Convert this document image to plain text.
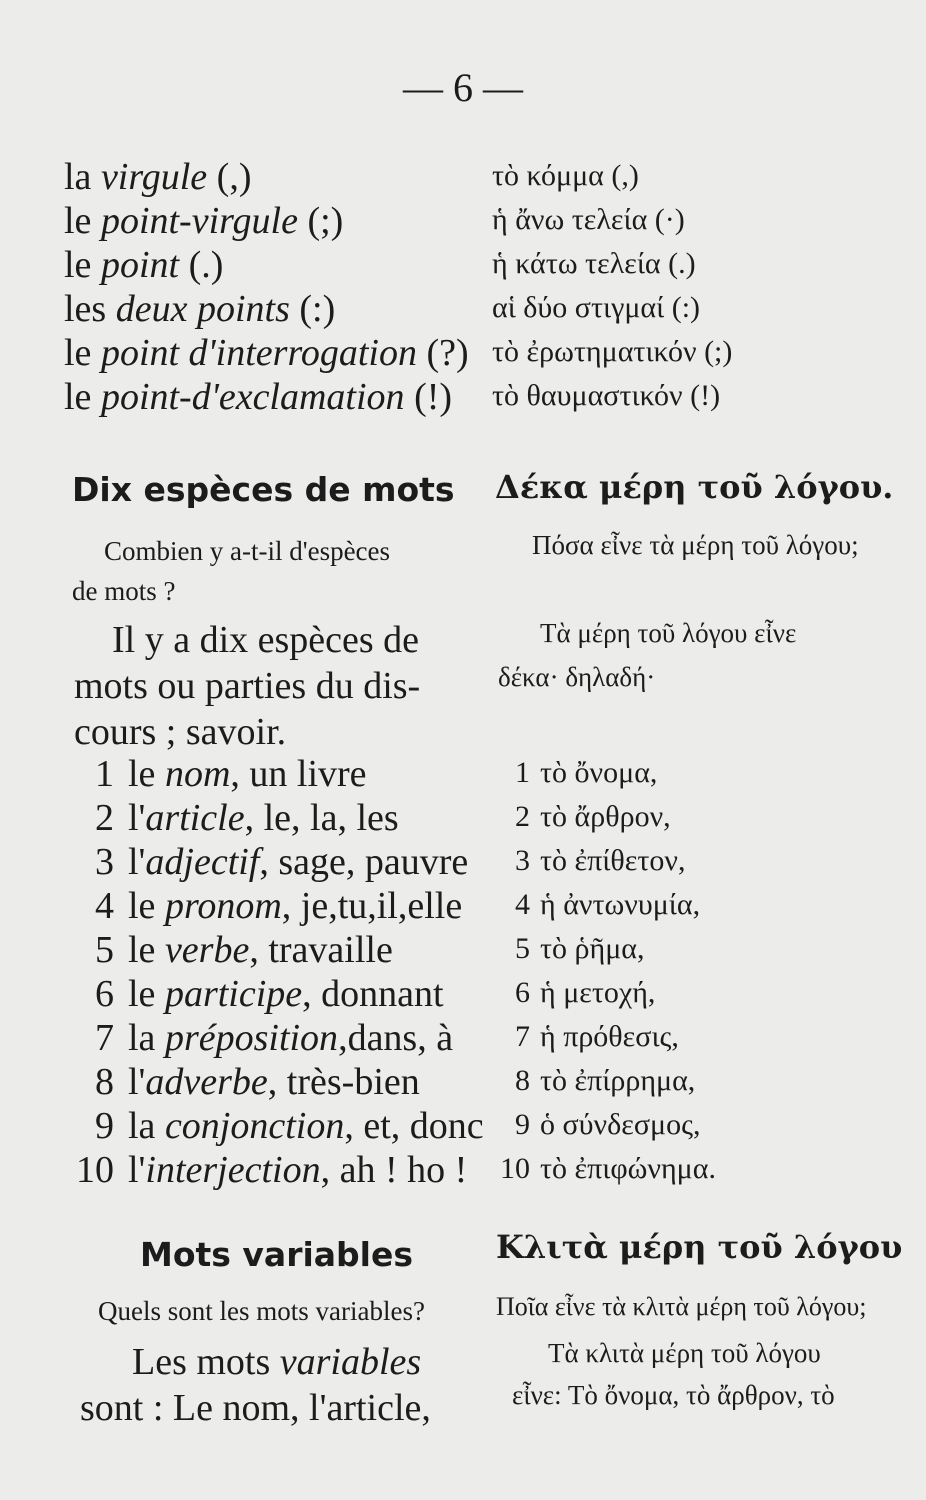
— 6 —
la virgule (,)	τὸ κόμμα (,)
le point-virgule (;)	ἡ ἄνω τελεία (·)
le point (.)	ἡ κάτω τελεία (.)
les deux points (:)	αἱ δύο στιγμαί (:)
le point d'interrogation (?) τὸ ἐρωτηματικόν (;)
le point-d'exclamation (!) τὸ θαυμαστικόν (!)
Dix espèces de mots Δέκα μέρη τοῦ λόγου.
Combien y a-t-il d'espèces
de mots ?
Πόσα εἶνε τὰ μέρη τοῦ λόγου;
Il y a dix espèces de
mots ou parties du dis-
cours ; savoir.
Τὰ μέρη τοῦ λόγου εἶνε
δέκα· δηλαδή·
1 le nom, un livre	1 τὸ ὄνομα,
2 l'article, le, la, les	2 τὸ ἄρθρον,
3 l'adjectif, sage, pauvre	3 τὸ ἐπίθετον,
4 le pronom, je,tu,il,elle	4 ἡ ἀντωνυμία,
5 le verbe, travaille	5 τὸ ῥῆμα,
6 le participe, donnant	6 ἡ μετοχή,
7 la préposition,dans, à	7 ἡ πρόθεσις,
8 l'adverbe, très-bien	8 τὸ ἐπίρρημα,
9 la conjonction, et, donc	9 ὁ σύνδεσμος,
10 l'interjection, ah ! ho ! 10 τὸ ἐπιφώνημα.
Mots variables	Κλιτὰ μέρη τοῦ λόγου
Quels sont les mots variables?	Ποῖα εἶνε τὰ κλιτὰ μέρη τοῦ λόγου;
Les mots variables
sont : Le nom, l'article,
Τὰ κλιτὰ μέρη τοῦ λόγου
εἶνε: Τὸ ὄνομα, τὸ ἄρθρον, τὸ
